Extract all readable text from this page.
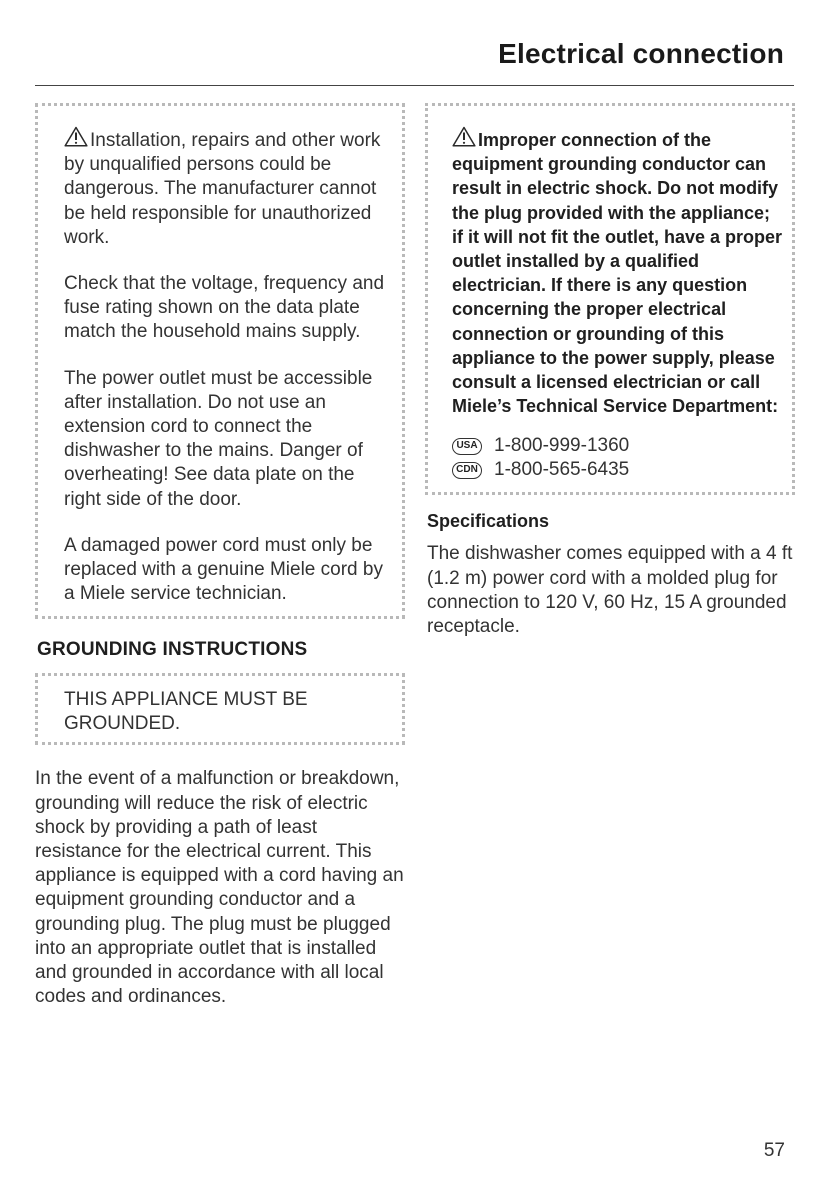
Electrical connection

Installation, repairs and other work by unqualified persons could be dangerous. The manufacturer cannot be held responsible for unauthorized work.

Check that the voltage, frequency and fuse rating shown on the data plate match the household mains supply.

The power outlet must be accessible after installation. Do not use an extension cord to connect the dishwasher to the mains. Danger of overheating! See data plate on the right side of the door.

A damaged power cord must only be replaced with a genuine Miele cord by a Miele service technician.

GROUNDING INSTRUCTIONS

THIS APPLIANCE MUST BE GROUNDED.

In the event of a malfunction or breakdown, grounding will reduce the risk of electric shock by providing a path of least resistance for the electrical current. This appliance is equipped with a cord having an equipment grounding conductor and a grounding plug. The plug must be plugged into an appropriate outlet that is installed and grounded in accordance with all local codes and ordinances.

Improper connection of the equipment grounding conductor can result in electric shock. Do not modify the plug provided with the appliance; if it will not fit the outlet, have a proper outlet installed by a qualified electrician. If there is any question concerning the proper electrical connection or grounding of this appliance to the power supply, please consult a licensed electrician or call Miele’s Technical Service Department:

USA 1-800-999-1360
CDN 1-800-565-6435
Specifications

The dishwasher comes equipped with a 4 ft (1.2 m) power cord with a molded plug for connection to 120 V, 60 Hz, 15 A grounded receptacle.

57
